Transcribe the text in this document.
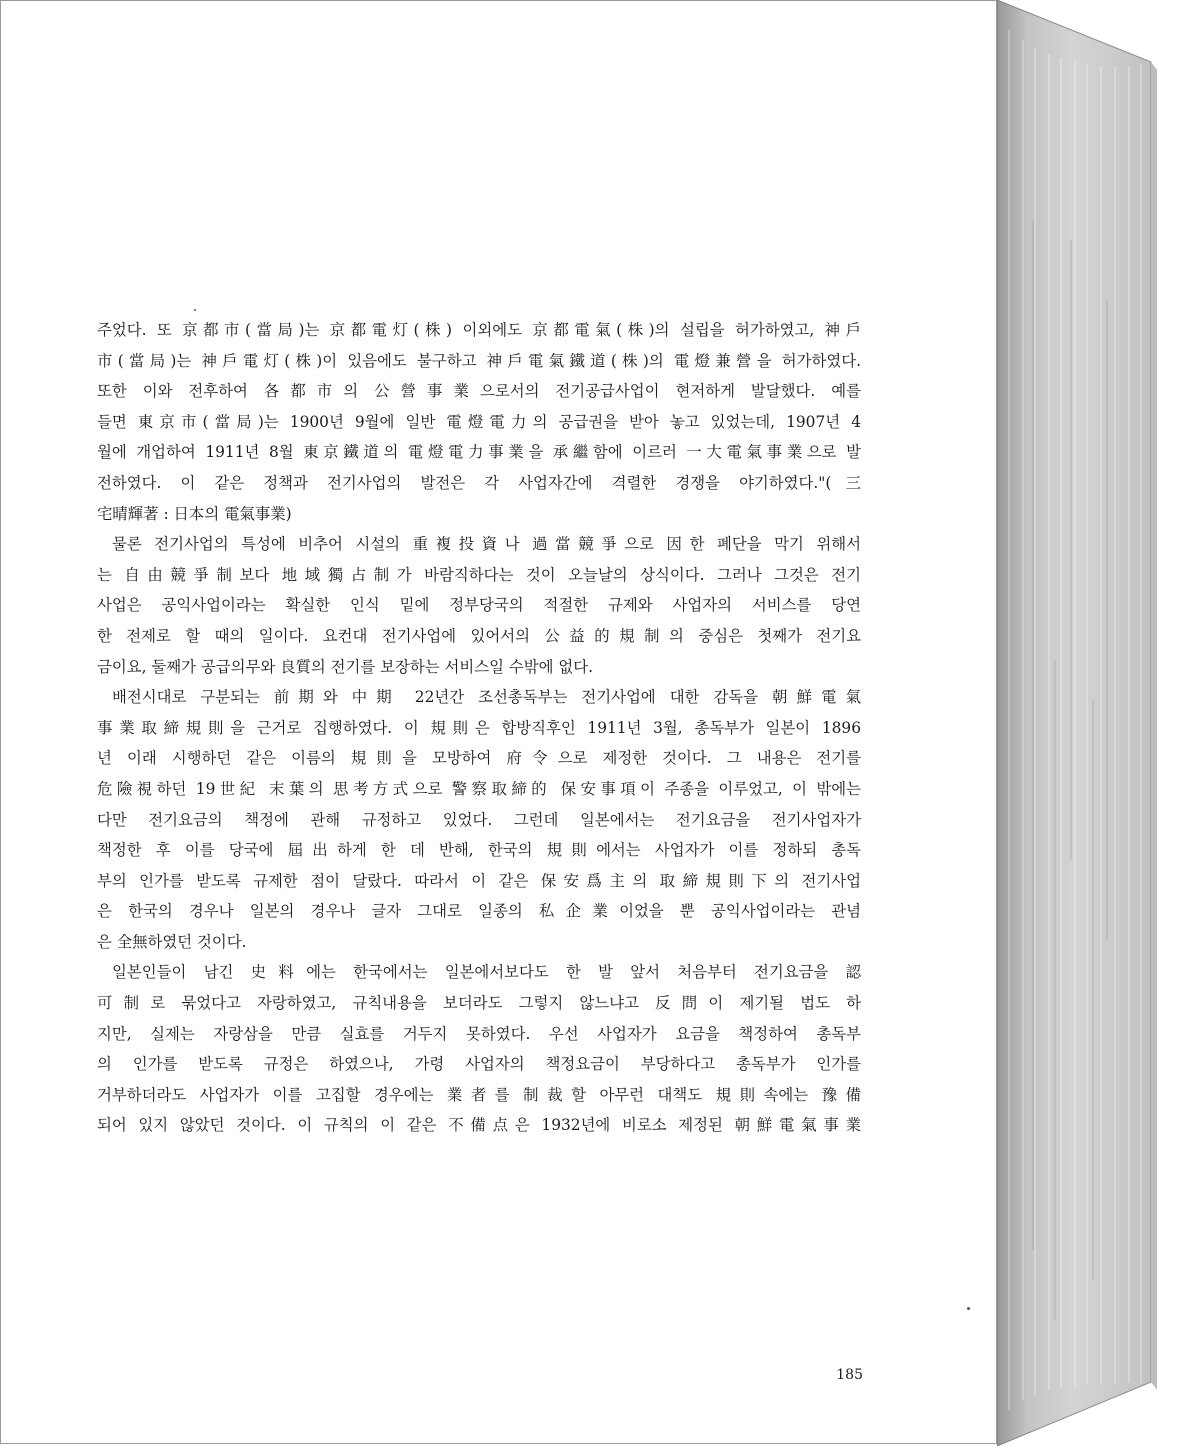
주었다. 또 京都市(當局)는 京都電灯(株) 이외에도 京都電氣(株)의 설립을 허가하였고, 神戶
市(當局)는 神戶電灯(株)이 있음에도 불구하고 神戶電氣鐵道(株)의 電燈兼營을 허가하였다.
또한 이와 전후하여 各都市의 公營事業으로서의 전기공급사업이 현저하게 발달했다. 예를
들면 東京市(當局)는 1900년 9월에 일반 電燈電力의 공급권을 받아 놓고 있었는데, 1907년 4
월에 개업하여 1911년 8월 東京鐵道의 電燈電力事業을 承繼함에 이르러 一大電氣事業으로 발
전하였다. 이 같은 정책과 전기사업의 발전은 각 사업자간에 격렬한 경쟁을 야기하였다."(三
宅晴輝著 : 日本의 電氣事業)
물론 전기사업의 특성에 비추어 시설의 重複投資나 過當競爭으로 因한 폐단을 막기 위해서
는 自由競爭制보다 地域獨占制가 바람직하다는 것이 오늘날의 상식이다. 그러나 그것은 전기
사업은 공익사업이라는 확실한 인식 밑에 정부당국의 적절한 규제와 사업자의 서비스를 당연
한 전제로 할 때의 일이다. 요컨대 전기사업에 있어서의 公益的規制의 중심은 첫째가 전기요
금이요, 둘째가 공급의무와 良質의 전기를 보장하는 서비스일 수밖에 없다.
배전시대로 구분되는 前期와 中期 22년간 조선총독부는 전기사업에 대한 감독을 朝鮮電氣
事業取締規則을 근거로 집행하였다. 이 規則은 합방직후인 1911년 3월, 총독부가 일본이 1896
년 이래 시행하던 같은 이름의 規則을 모방하여 府令으로 제정한 것이다. 그 내용은 전기를
危險視하던 19世紀 末葉의 思考方式으로 警察取締的 保安事項이 주종을 이루었고, 이 밖에는
다만 전기요금의 책정에 관해 규정하고 있었다. 그런데 일본에서는 전기요금을 전기사업자가
책정한 후 이를 당국에 屆出하게 한 데 반해, 한국의 規則에서는 사업자가 이를 정하되 총독
부의 인가를 받도록 규제한 점이 달랐다. 따라서 이 같은 保安爲主의 取締規則下의 전기사업
은 한국의 경우나 일본의 경우나 글자 그대로 일종의 私企業이었을 뿐 공익사업이라는 관념
은 全無하였던 것이다.
일본인들이 남긴 史料에는 한국에서는 일본에서보다도 한 발 앞서 처음부터 전기요금을 認
可制로 묶었다고 자랑하였고, 규칙내용을 보더라도 그렇지 않느냐고 反問이 제기될 법도 하
지만, 실제는 자랑삼을 만큼 실효를 거두지 못하였다. 우선 사업자가 요금을 책정하여 총독부
의 인가를 받도록 규정은 하였으나, 가령 사업자의 책정요금이 부당하다고 총독부가 인가를
거부하더라도 사업자가 이를 고집할 경우에는 業者를 制裁할 아무런 대책도 規則속에는 豫備
되어 있지 않았던 것이다. 이 규칙의 이 같은 不備点은 1932년에 비로소 제정된 朝鮮電氣事業
185
